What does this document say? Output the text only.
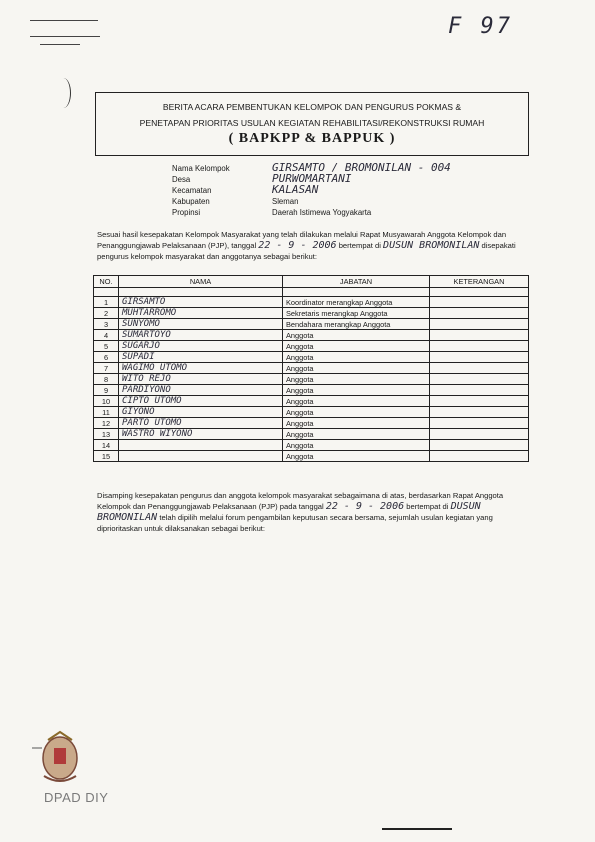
F 97
BERITA ACARA PEMBENTUKAN KELOMPOK DAN PENGURUS POKMAS &
PENETAPAN PRIORITAS USULAN KEGIATAN REHABILITASI/REKONSTRUKSI RUMAH
( BAPKPP & BAPPUK )
Nama Kelompok	GIRSAMTO / BROMONILAN - 004
Desa	PURWOMARTANI
Kecamatan	KALASAN
Kabupaten	Sleman
Propinsi	Daerah Istimewa Yogyakarta
Sesuai hasil kesepakatan Kelompok Masyarakat yang telah dilakukan melalui Rapat Musyawarah Anggota Kelompok dan Penanggungjawab Pelaksanaan (PJP), tanggal 22 - 9 - 2006 bertempat di DUSUN BROMONILAN disepakati pengurus kelompok masyarakat dan anggotanya sebagai berikut:
NO.	NAMA	JABATAN	KETERANGAN

1	GIRSAMTO	Koordinator merangkap Anggota	
2	MUHTARROMO	Sekretaris merangkap Anggota	
3	SUNYOMO	Bendahara merangkap Anggota	
4	SUMARTOYO	Anggota	
5	SUGARJO	Anggota	
6	SUPADI	Anggota	
7	WAGIMO UTOMO	Anggota	
8	WITO REJO	Anggota	
9	PARDIYONO	Anggota	
10	CIPTO UTOMO	Anggota	
11	GIYONO	Anggota	
12	PARTO UTOMO	Anggota	
13	WASTRO WIYONO	Anggota	
14		Anggota	
15		Anggota	
Disamping kesepakatan pengurus dan anggota kelompok masyarakat sebagaimana di atas, berdasarkan Rapat Anggota Kelompok dan Penanggungjawab Pelaksanaan (PJP) pada tanggal 22 - 9 - 2006 bertempat di DUSUN BROMONILAN telah dipilih melalui forum pengambilan keputusan secara bersama, sejumlah usulan kegiatan yang diprioritaskan untuk dilaksanakan sebagai berikut:
DPAD DIY
